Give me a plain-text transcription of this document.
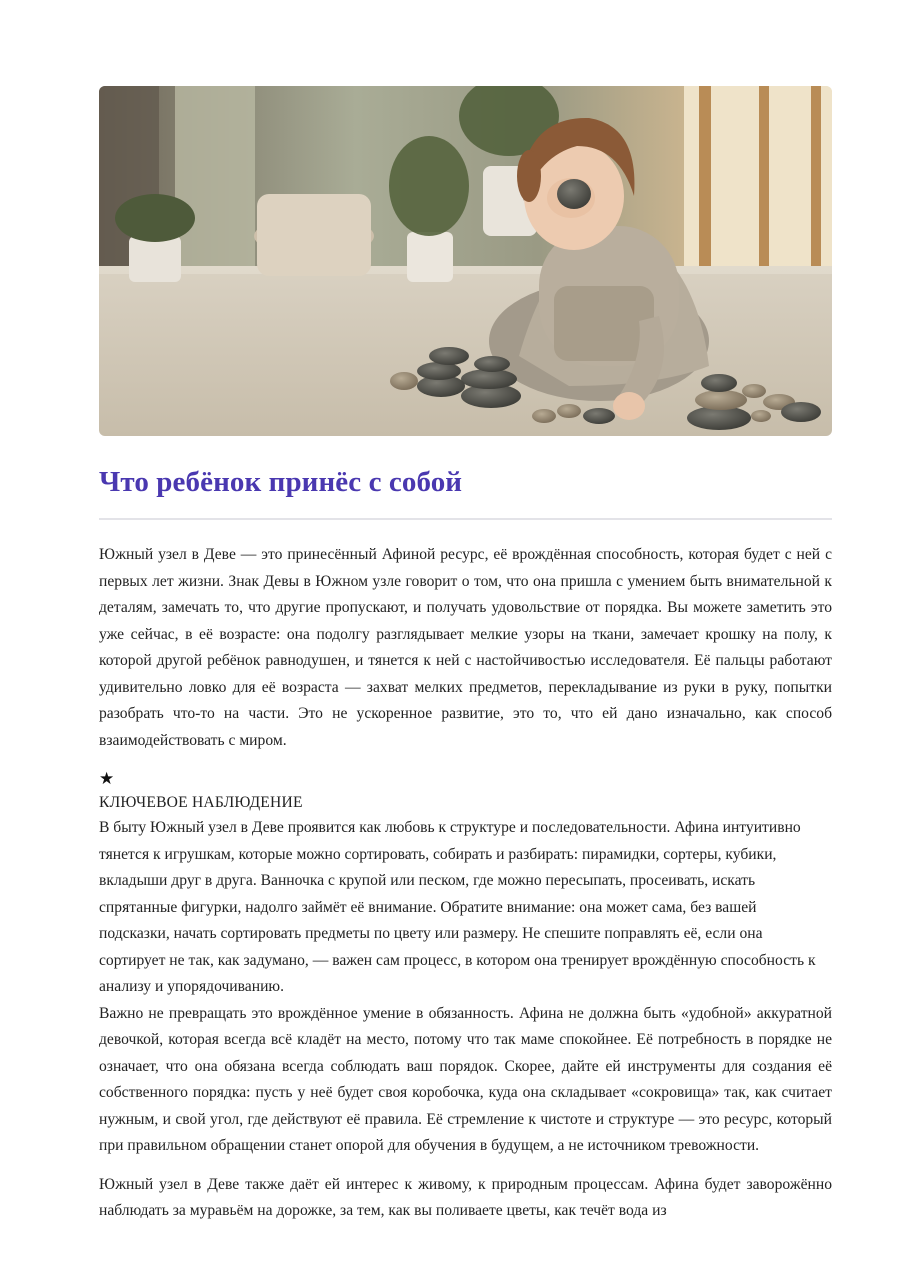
Что ребёнок принёс с собой

Южный узел в Деве — это принесённый Афиной ресурс, её врождённая способность, которая будет с ней с первых лет жизни. Знак Девы в Южном узле говорит о том, что она пришла с умением быть внимательной к деталям, замечать то, что другие пропускают, и получать удовольствие от порядка. Вы можете заметить это уже сейчас, в её возрасте: она подолгу разглядывает мелкие узоры на ткани, замечает крошку на полу, к которой другой ребёнок равнодушен, и тянется к ней с настойчивостью исследователя. Её пальцы работают удивительно ловко для её возраста — захват мелких предметов, перекладывание из руки в руку, попытки разобрать что-то на части. Это не ускоренное развитие, это то, что ей дано изначально, как способ взаимодействовать с миром.

★
КЛЮЧЕВОЕ НАБЛЮДЕНИЕ

В быту Южный узел в Деве проявится как любовь к структуре и последовательности. Афина интуитивно тянется к игрушкам, которые можно сортировать, собирать и разбирать: пирамидки, сортеры, кубики, вкладыши друг в друга. Ванночка с крупой или песком, где можно пересыпать, просеивать, искать спрятанные фигурки, надолго займёт её внимание. Обратите внимание: она может сама, без вашей подсказки, начать сортировать предметы по цвету или размеру. Не спешите поправлять её, если она сортирует не так, как задумано, — важен сам процесс, в котором она тренирует врождённую способность к анализу и упорядочиванию.

Важно не превращать это врождённое умение в обязанность. Афина не должна быть «удобной» аккуратной девочкой, которая всегда всё кладёт на место, потому что так маме спокойнее. Её потребность в порядке не означает, что она обязана всегда соблюдать ваш порядок. Скорее, дайте ей инструменты для создания её собственного порядка: пусть у неё будет своя коробочка, куда она складывает «сокровища» так, как считает нужным, и свой угол, где действуют её правила. Её стремление к чистоте и структуре — это ресурс, который при правильном обращении станет опорой для обучения в будущем, а не источником тревожности.

Южный узел в Деве также даёт ей интерес к живому, к природным процессам. Афина будет заворожённо наблюдать за муравьём на дорожке, за тем, как вы поливаете цветы, как течёт вода из
